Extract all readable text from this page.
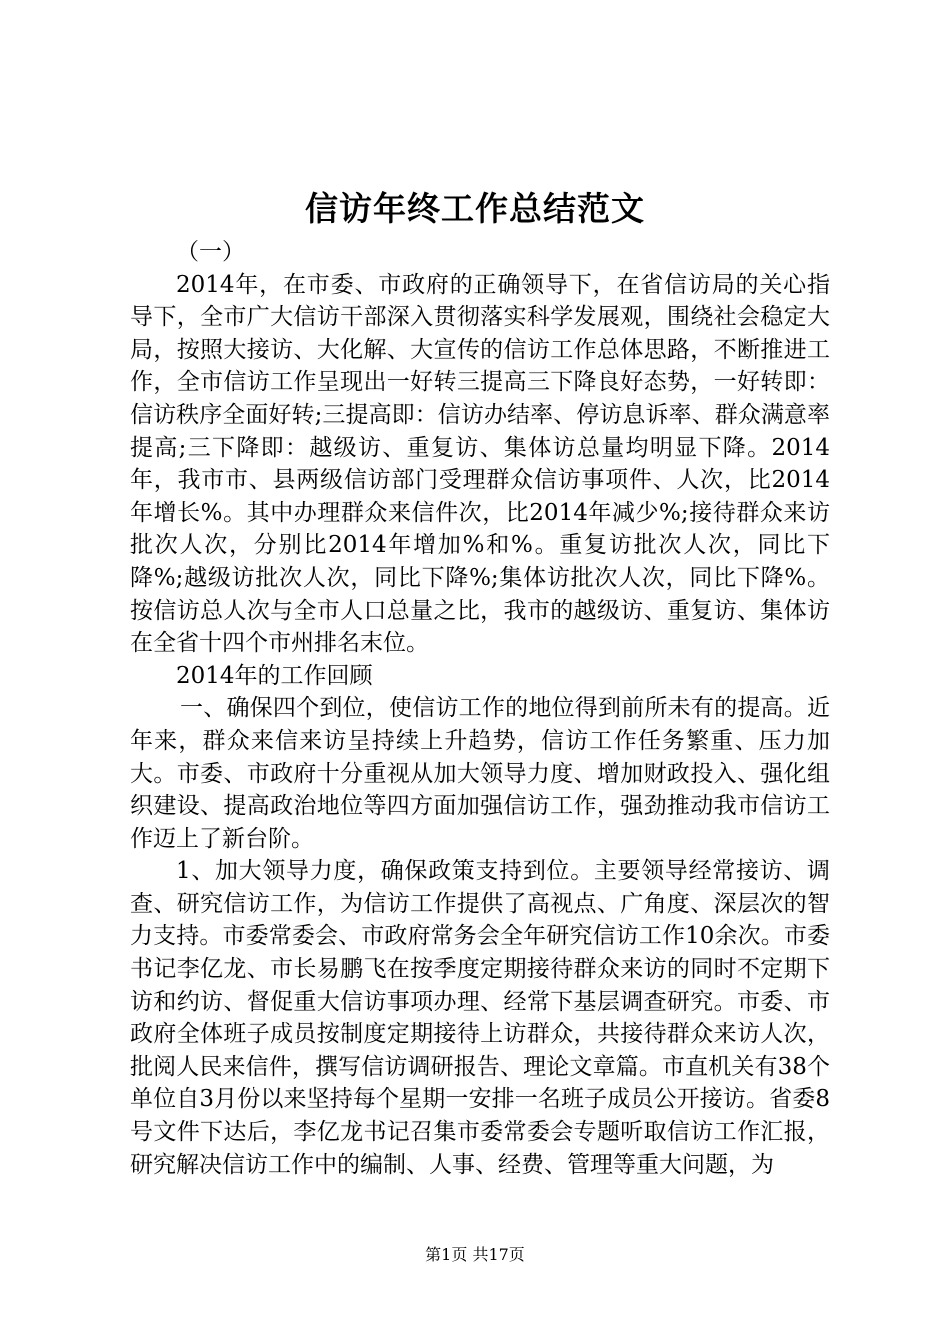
信访年终工作总结范文

（一）

2014年，在市委、市政府的正确领导下，在省信访局的关心指导下，全市广大信访干部深入贯彻落实科学发展观，围绕社会稳定大局，按照大接访、大化解、大宣传的信访工作总体思路，不断推进工作，全市信访工作呈现出一好转三提高三下降良好态势，一好转即：信访秩序全面好转;三提高即：信访办结率、停访息诉率、群众满意率提高;三下降即：越级访、重复访、集体访总量均明显下降。2014年，我市市、县两级信访部门受理群众信访事项件、人次，比2014年增长%。其中办理群众来信件次，比2014年减少%;接待群众来访批次人次，分别比2014年增加%和%。重复访批次人次，同比下降%;越级访批次人次，同比下降%;集体访批次人次，同比下降%。按信访总人次与全市人口总量之比，我市的越级访、重复访、集体访在全省十四个市州排名末位。

2014年的工作回顾

一、确保四个到位，使信访工作的地位得到前所未有的提高。近年来，群众来信来访呈持续上升趋势，信访工作任务繁重、压力加大。市委、市政府十分重视从加大领导力度、增加财政投入、强化组织建设、提高政治地位等四方面加强信访工作，强劲推动我市信访工作迈上了新台阶。

1、加大领导力度，确保政策支持到位。主要领导经常接访、调查、研究信访工作，为信访工作提供了高视点、广角度、深层次的智力支持。市委常委会、市政府常务会全年研究信访工作10余次。市委书记李亿龙、市长易鹏飞在按季度定期接待群众来访的同时不定期下访和约访、督促重大信访事项办理、经常下基层调查研究。市委、市政府全体班子成员按制度定期接待上访群众，共接待群众来访人次，批阅人民来信件，撰写信访调研报告、理论文章篇。市直机关有38个单位自3月份以来坚持每个星期一安排一名班子成员公开接访。省委8号文件下达后，李亿龙书记召集市委常委会专题听取信访工作汇报，研究解决信访工作中的编制、人事、经费、管理等重大问题，为

第1页 共17页
